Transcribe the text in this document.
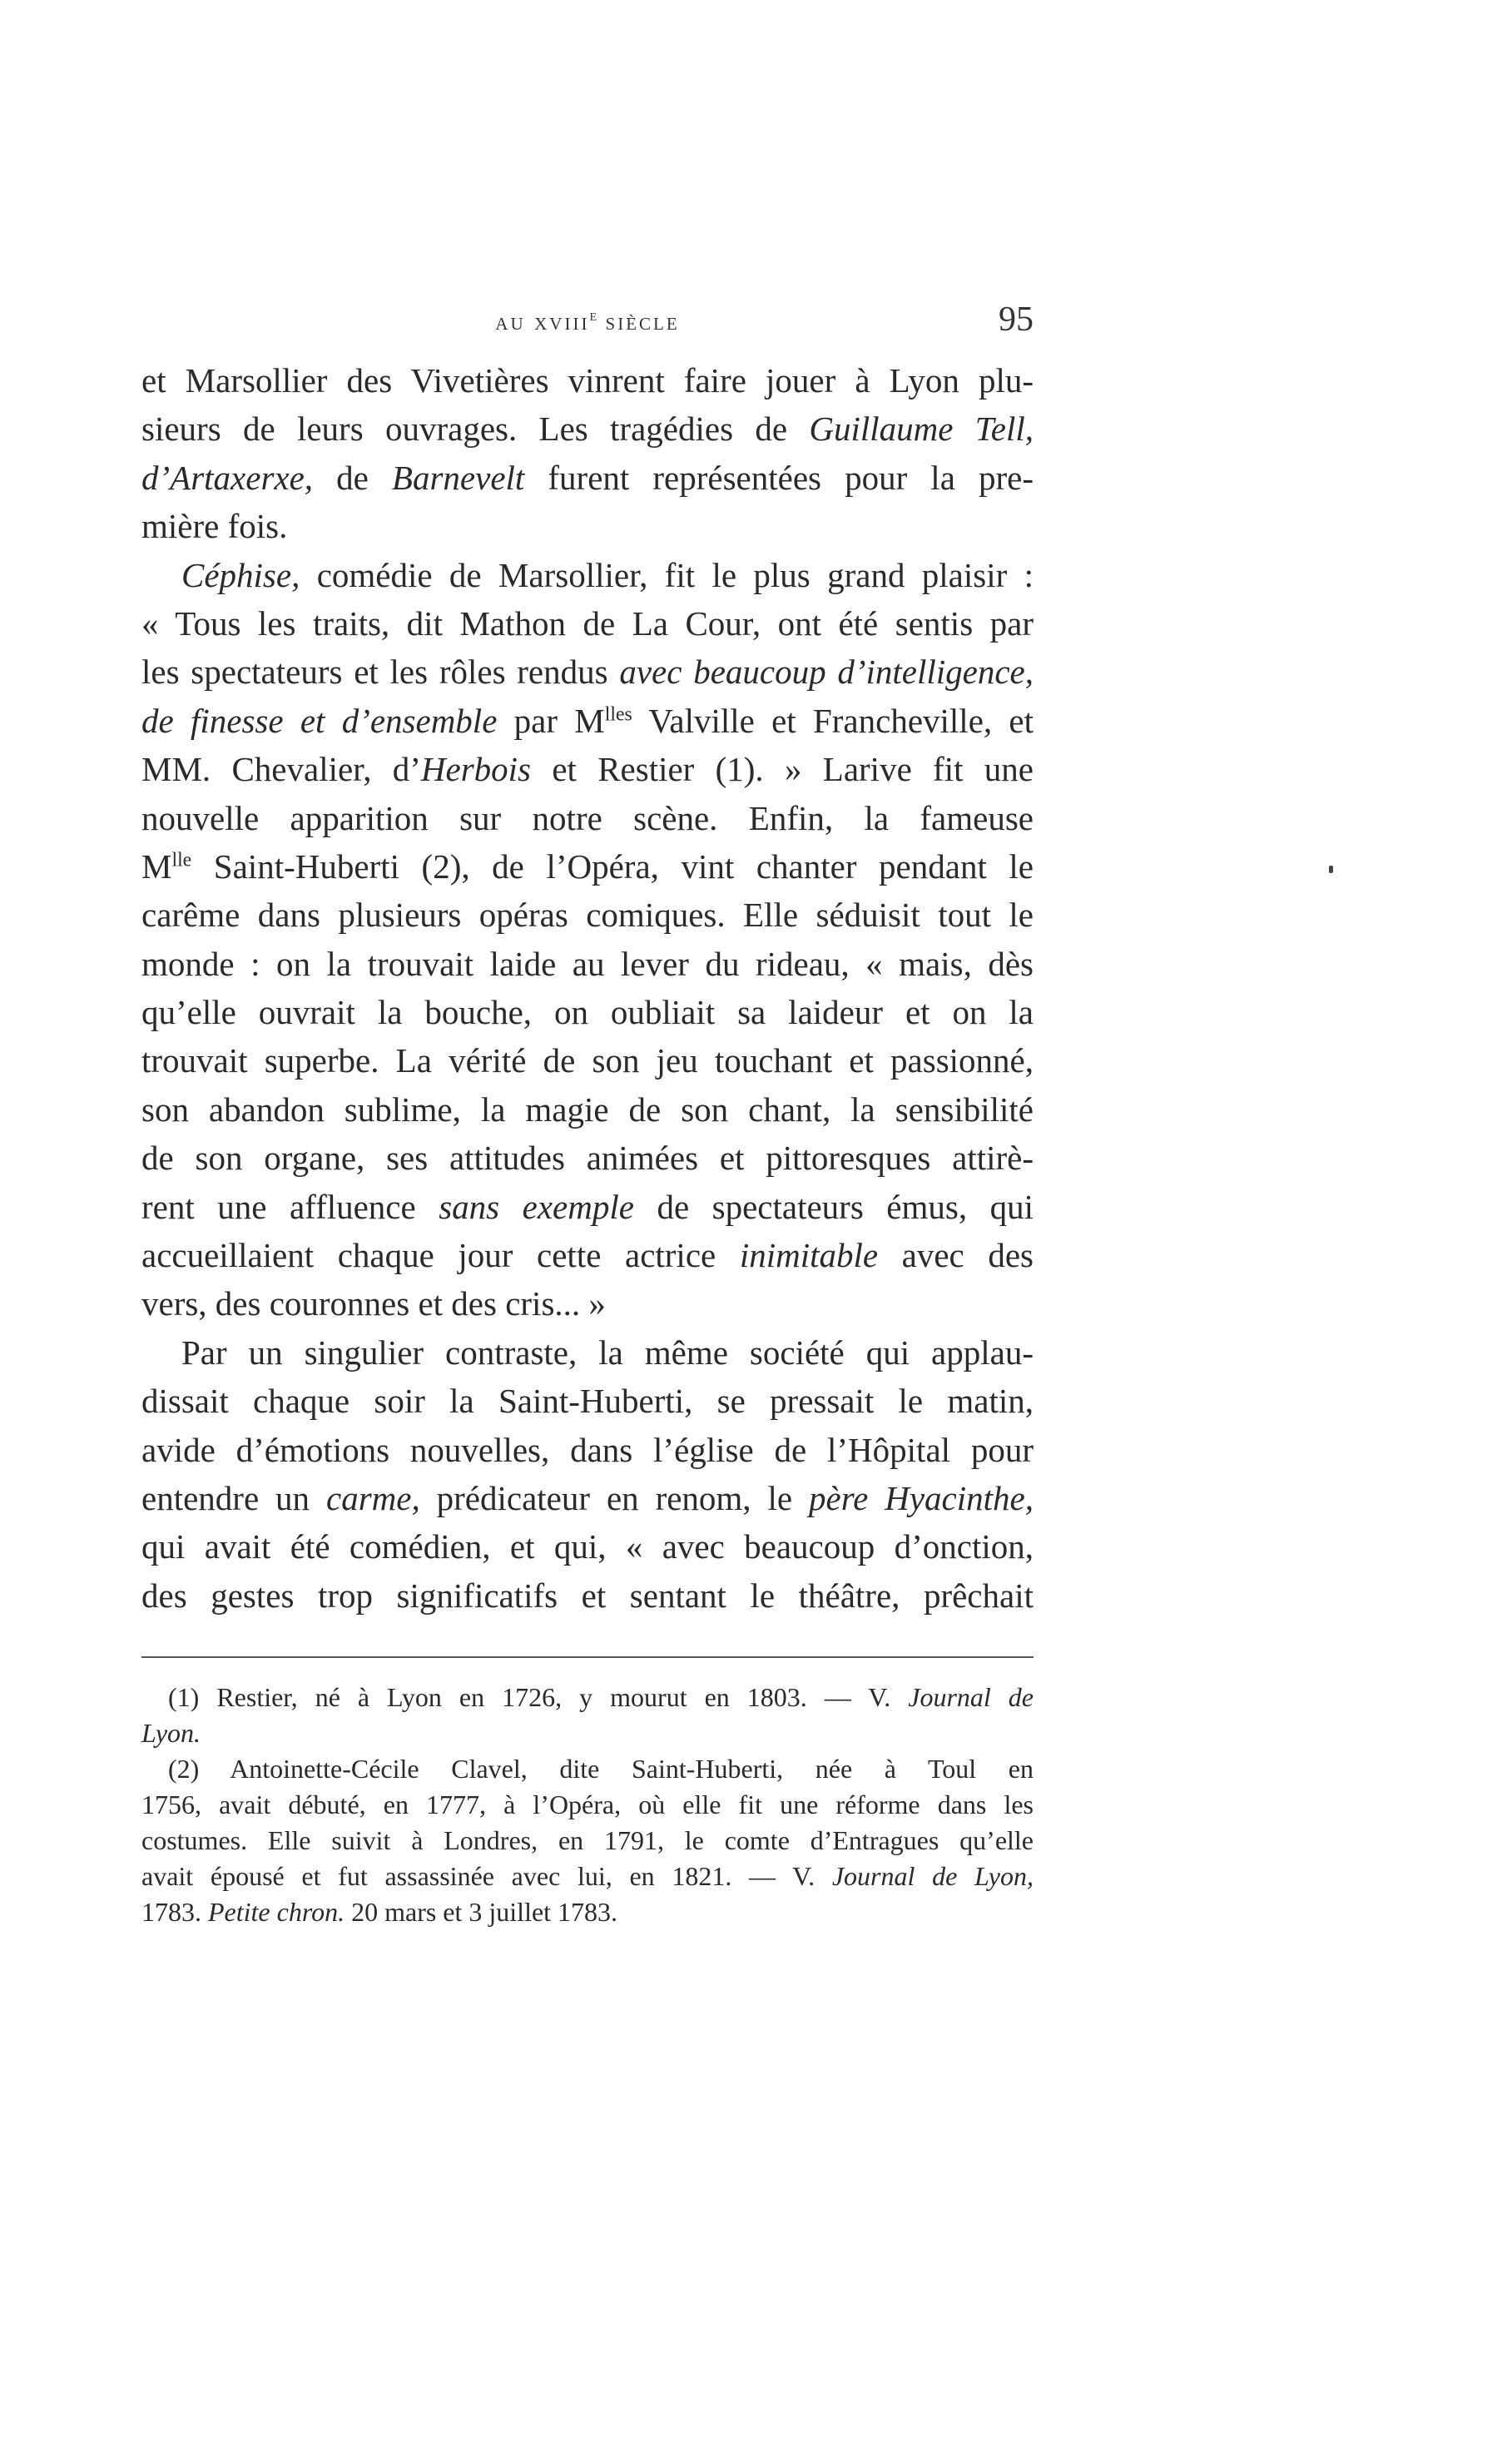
au xviii$^e$ siècle	95
et Marsollier des Vivetières vinrent faire jouer à Lyon plu-
sieurs de leurs ouvrages. Les tragédies de Guillaume Tell,
d’Artaxerxe, de Barnevelt furent représentées pour la pre-
mière fois.
Céphise, comédie de Marsollier, fit le plus grand plaisir :
« Tous les traits, dit Mathon de La Cour, ont été sentis par
les spectateurs et les rôles rendus avec beaucoup d’intelligence,
de finesse et d’ensemble par $M^{lles}$ Valville et Francheville, et
MM. Chevalier, d’Herbois et Restier (1). » Larive fit une
nouvelle apparition sur notre scène. Enfin, la fameuse
$M^{lle}$ Saint-Huberti (2), de l’Opéra, vint chanter pendant le
carême dans plusieurs opéras comiques. Elle séduisit tout le
monde : on la trouvait laide au lever du rideau, « mais, dès
qu’elle ouvrait la bouche, on oubliait sa laideur et on la
trouvait superbe. La vérité de son jeu touchant et passionné,
son abandon sublime, la magie de son chant, la sensibilité
de son organe, ses attitudes animées et pittoresques attirè-
rent une affluence sans exemple de spectateurs émus, qui
accueillaient chaque jour cette actrice inimitable avec des
vers, des couronnes et des cris... »
Par un singulier contraste, la même société qui applau-
dissait chaque soir la Saint-Huberti, se pressait le matin,
avide d’émotions nouvelles, dans l’église de l’Hôpital pour
entendre un carme, prédicateur en renom, le père Hyacinthe,
qui avait été comédien, et qui, « avec beaucoup d’onction,
des gestes trop significatifs et sentant le théâtre, prêchait
(1) Restier, né à Lyon en 1726, y mourut en 1803. — V. Journal de
Lyon.
(2) Antoinette-Cécile Clavel, dite Saint-Huberti, née à Toul en
1756, avait débuté, en 1777, à l’Opéra, où elle fit une réforme dans les
costumes. Elle suivit à Londres, en 1791, le comte d’Entragues qu’elle
avait épousé et fut assassinée avec lui, en 1821. — V. Journal de Lyon,
1783. Petite chron. 20 mars et 3 juillet 1783.
